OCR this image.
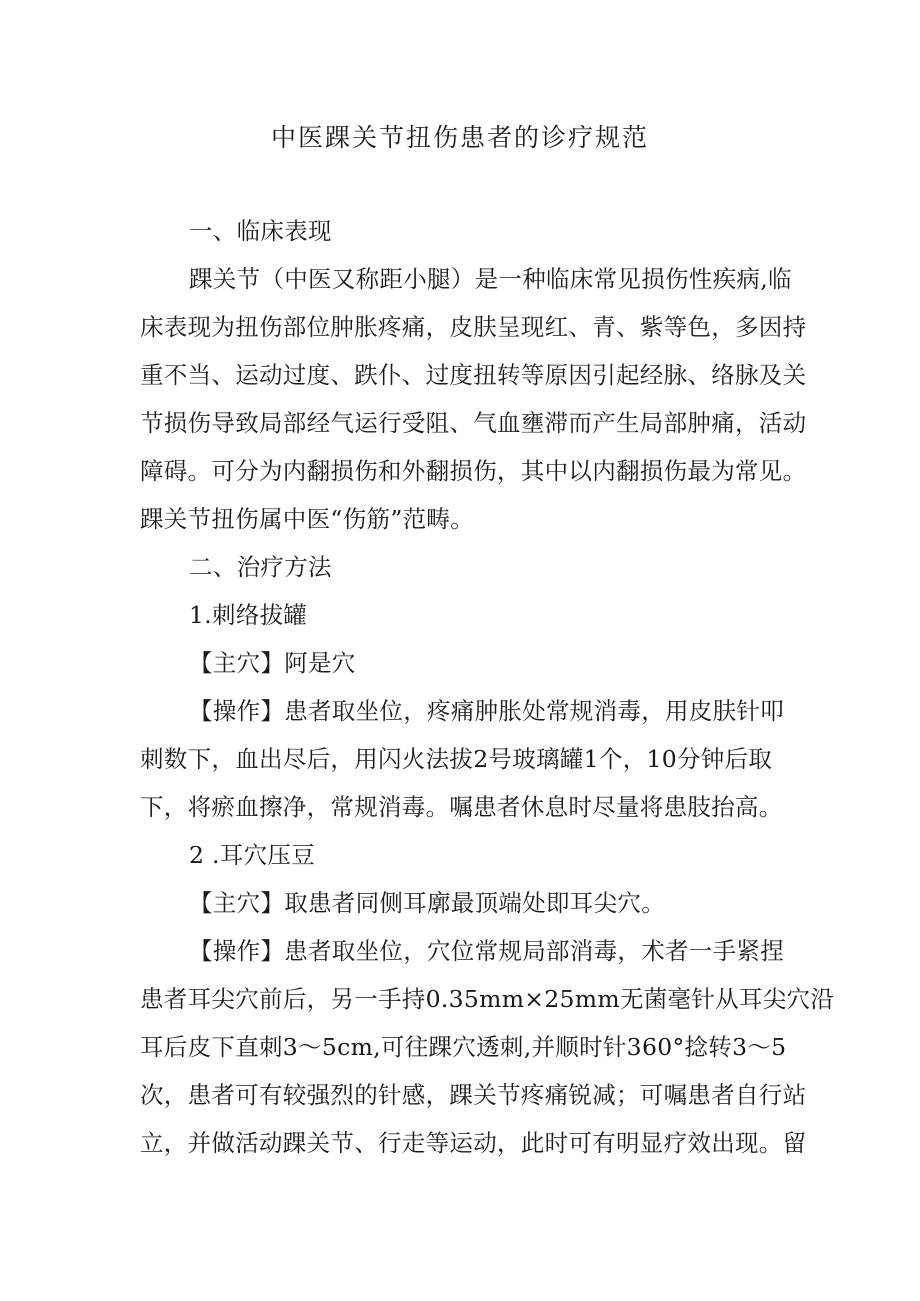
中医踝关节扭伤患者的诊疗规范
一、临床表现
踝关节（中医又称距小腿）是一种临床常见损伤性疾病,临
床表现为扭伤部位肿胀疼痛，皮肤呈现红、青、紫等色，多因持
重不当、运动过度、跌仆、过度扭转等原因引起经脉、络脉及关
节损伤导致局部经气运行受阻、气血壅滞而产生局部肿痛，活动
障碍。可分为内翻损伤和外翻损伤，其中以内翻损伤最为常见。
踝关节扭伤属中医“伤筋”范畴。
二、治疗方法
1.刺络拔罐
【主穴】阿是穴
【操作】患者取坐位，疼痛肿胀处常规消毒，用皮肤针叩
刺数下，血出尽后，用闪火法拔2号玻璃罐1个，10分钟后取
下，将瘀血擦净，常规消毒。嘱患者休息时尽量将患肢抬高。
2 .耳穴压豆
【主穴】取患者同侧耳廓最顶端处即耳尖穴。
【操作】患者取坐位，穴位常规局部消毒，术者一手紧捏
患者耳尖穴前后，另一手持0.35mm×25mm无菌毫针从耳尖穴沿
耳后皮下直刺3～5cm,可往踝穴透刺,并顺时针360°捻转3～5
次，患者可有较强烈的针感，踝关节疼痛锐减；可嘱患者自行站
立，并做活动踝关节、行走等运动，此时可有明显疗效出现。留
